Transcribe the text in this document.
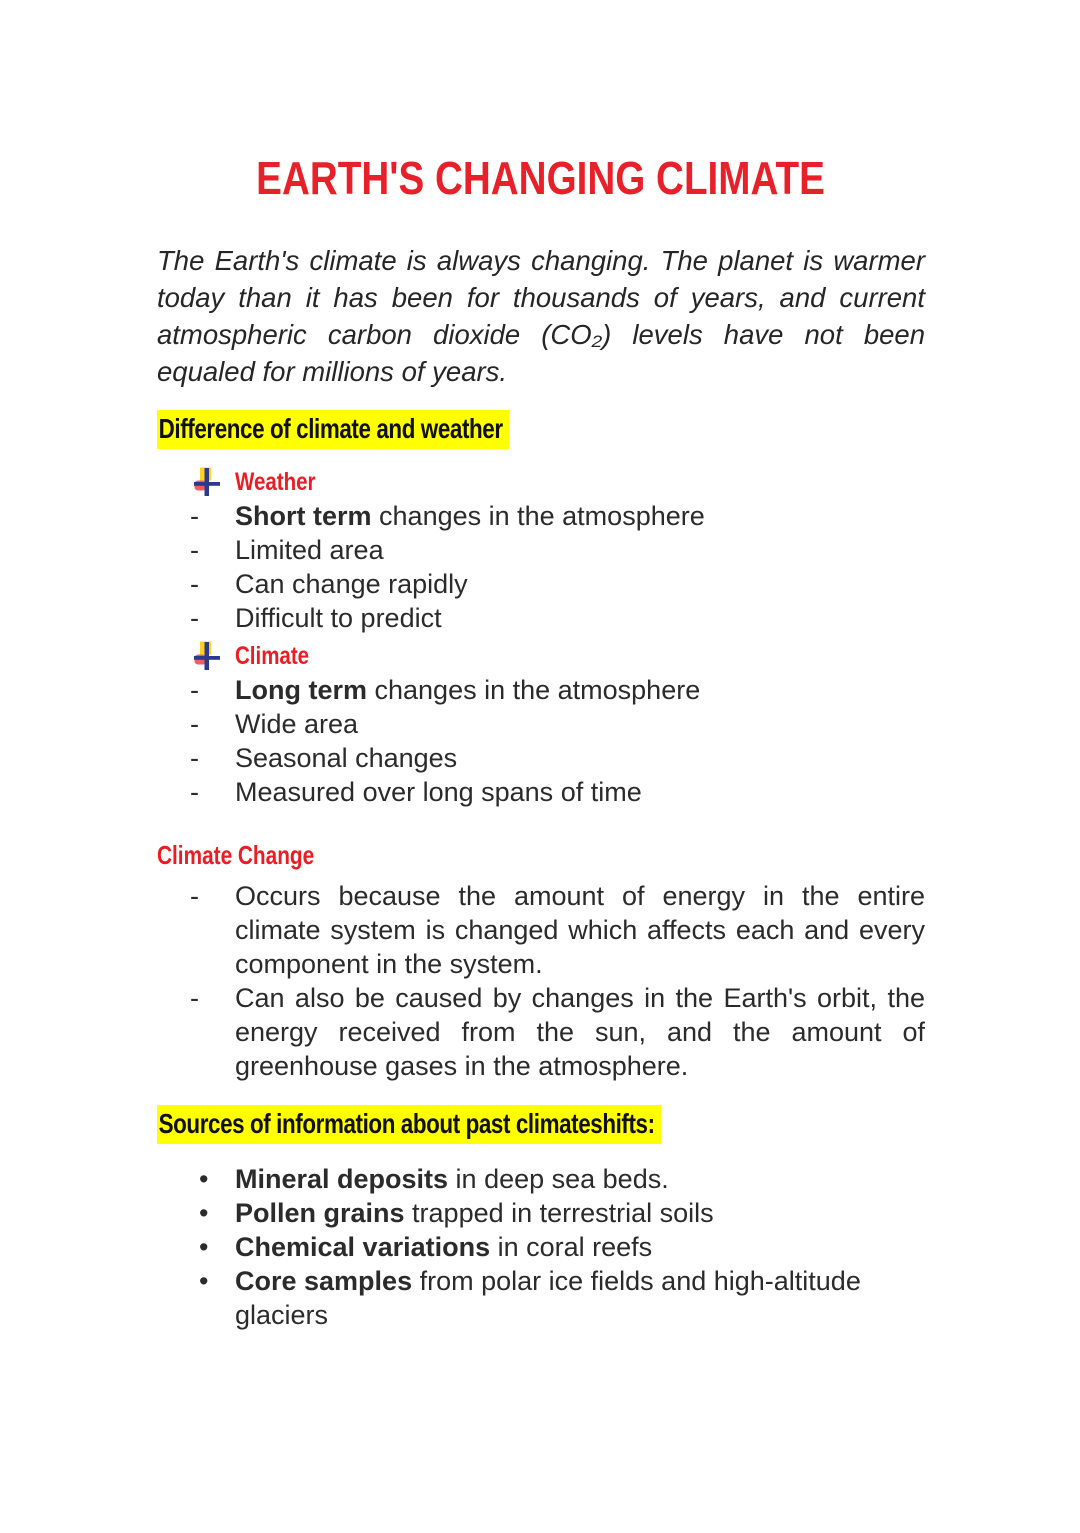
EARTH'S CHANGING CLIMATE

The Earth's climate is always changing. The planet is warmer today than it has been for thousands of years, and current atmospheric carbon dioxide (CO₂) levels have not been equaled for millions of years.

Difference of climate and weather
Weather
-	Short term changes in the atmosphere
-	Limited area
-	Can change rapidly
-	Difficult to predict
Climate
-	Long term changes in the atmosphere
-	Wide area
-	Seasonal changes
-	Measured over long spans of time
Climate Change
-	Occurs because the amount of energy in the entire climate system is changed which affects each and every component in the system.
-	Can also be caused by changes in the Earth's orbit, the energy received from the sun, and the amount of greenhouse gases in the atmosphere.
Sources of information about past climateshifts:
• Mineral deposits in deep sea beds.
• Pollen grains trapped in terrestrial soils
• Chemical variations in coral reefs
• Core samples from polar ice fields and high-altitude glaciers
